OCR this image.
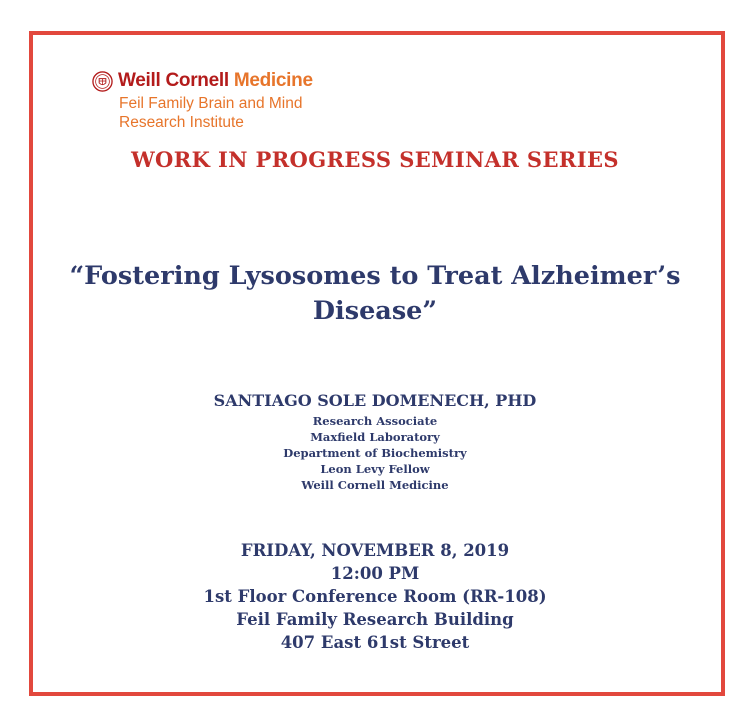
Weill Cornell Medicine
Feil Family Brain and Mind
Research Institute
WORK IN PROGRESS SEMINAR SERIES
“Fostering Lysosomes to Treat Alzheimer’s Disease”
SANTIAGO SOLE DOMENECH, PHD
Research Associate
Maxfield Laboratory
Department of Biochemistry
Leon Levy Fellow
Weill Cornell Medicine
FRIDAY, NOVEMBER 8, 2019
12:00 PM
1st Floor Conference Room (RR-108)
Feil Family Research Building
407 East 61st Street
